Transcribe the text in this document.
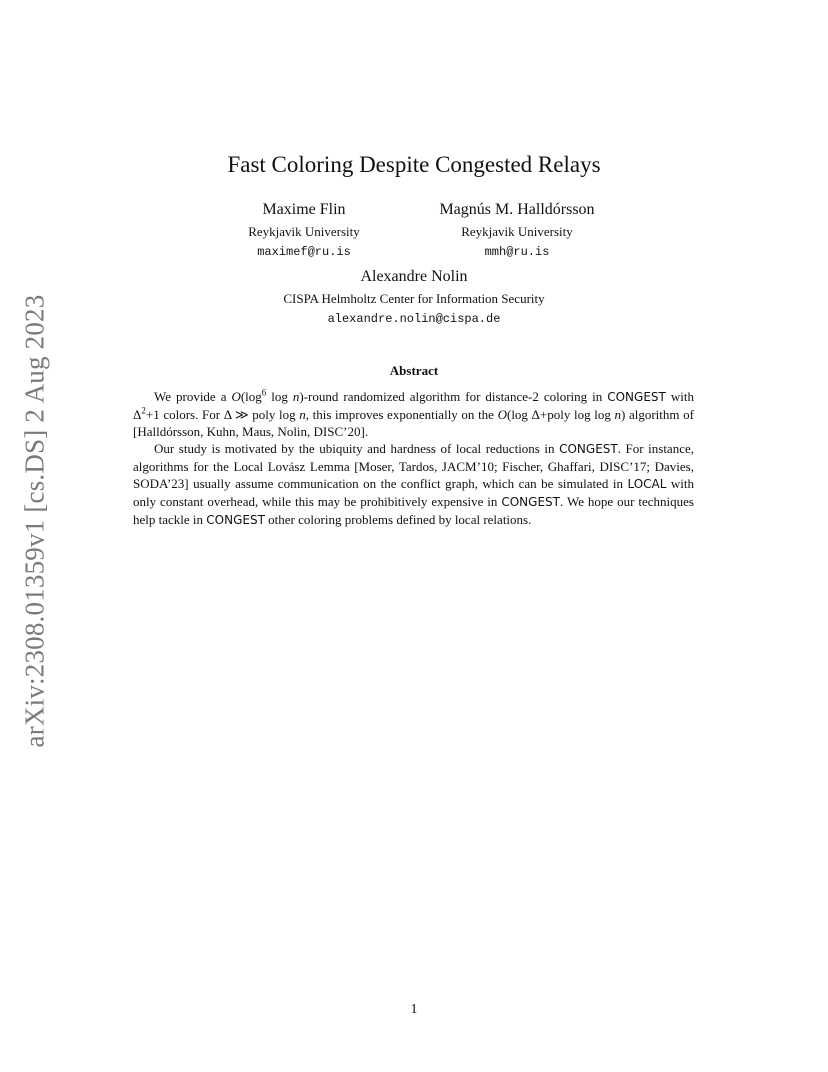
arXiv:2308.01359v1 [cs.DS] 2 Aug 2023
Fast Coloring Despite Congested Relays
Maxime Flin
Reykjavik University
maximef@ru.is
Magnús M. Halldórsson
Reykjavik University
mmh@ru.is
Alexandre Nolin
CISPA Helmholtz Center for Information Security
alexandre.nolin@cispa.de
Abstract

We provide a $O(\log^6$ log n)-round randomized algorithm for distance-2 coloring in CONGEST with $\Delta^2+1$ colors. For Δ ≫ poly log n, this improves exponentially on the O(log Δ+poly log log n) algorithm of [Halldórsson, Kuhn, Maus, Nolin, DISC’20].

Our study is motivated by the ubiquity and hardness of local reductions in CONGEST. For instance, algorithms for the Local Lovász Lemma [Moser, Tardos, JACM’10; Fischer, Ghaffari, DISC’17; Davies, SODA’23] usually assume communication on the conflict graph, which can be simulated in LOCAL with only constant overhead, while this may be prohibitively expensive in CONGEST. We hope our techniques help tackle in CONGEST other coloring problems defined by local relations.

1
